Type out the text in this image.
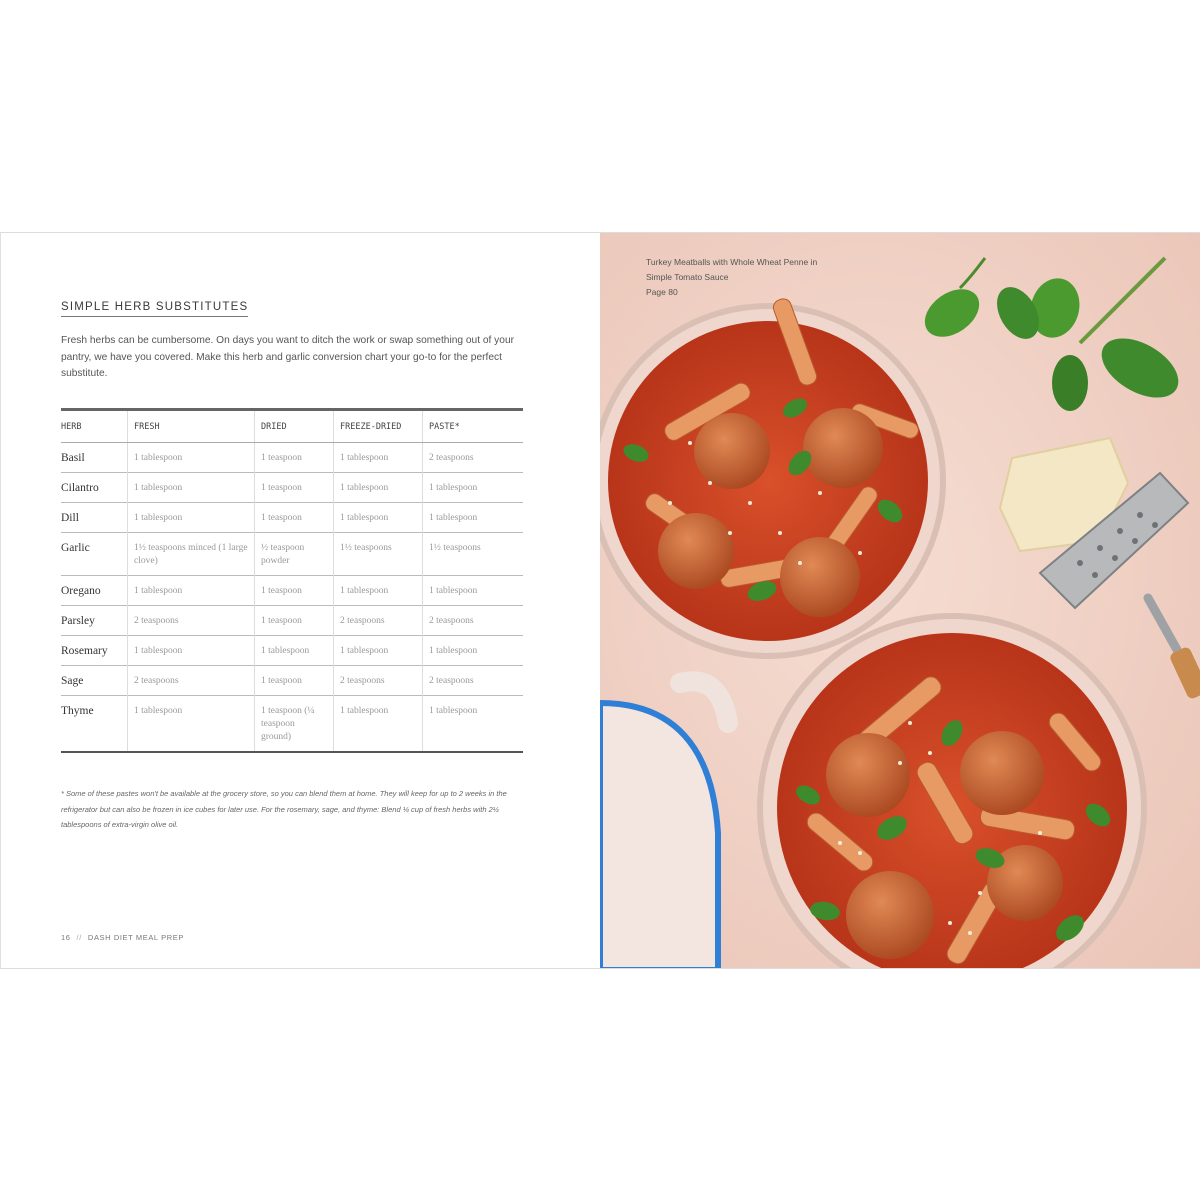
SIMPLE HERB SUBSTITUTES
Fresh herbs can be cumbersome. On days you want to ditch the work or swap something out of your pantry, we have you covered. Make this herb and garlic conversion chart your go-to for the perfect substitute.
HERB	FRESH	DRIED	FREEZE-DRIED	PASTE*
Basil	1 tablespoon	1 teaspoon	1 tablespoon	2 teaspoons
Cilantro	1 tablespoon	1 teaspoon	1 tablespoon	1 tablespoon
Dill	1 tablespoon	1 teaspoon	1 tablespoon	1 tablespoon
Garlic	1½ teaspoons minced (1 large clove)	½ teaspoon powder	1½ teaspoons	1½ teaspoons
Oregano	1 tablespoon	1 teaspoon	1 tablespoon	1 tablespoon
Parsley	2 teaspoons	1 teaspoon	2 teaspoons	2 teaspoons
Rosemary	1 tablespoon	1 tablespoon	1 tablespoon	1 tablespoon
Sage	2 teaspoons	1 teaspoon	2 teaspoons	2 teaspoons
Thyme	1 tablespoon	1 teaspoon (¼ teaspoon ground)	1 tablespoon	1 tablespoon
* Some of these pastes won't be available at the grocery store, so you can blend them at home. They will keep for up to 2 weeks in the refrigerator but can also be frozen in ice cubes for later use. For the rosemary, sage, and thyme: Blend ¼ cup of fresh herbs with 2½ tablespoons of extra-virgin olive oil.
16 // DASH DIET MEAL PREP
Turkey Meatballs with Whole Wheat Penne in
Simple Tomato Sauce
Page 80
